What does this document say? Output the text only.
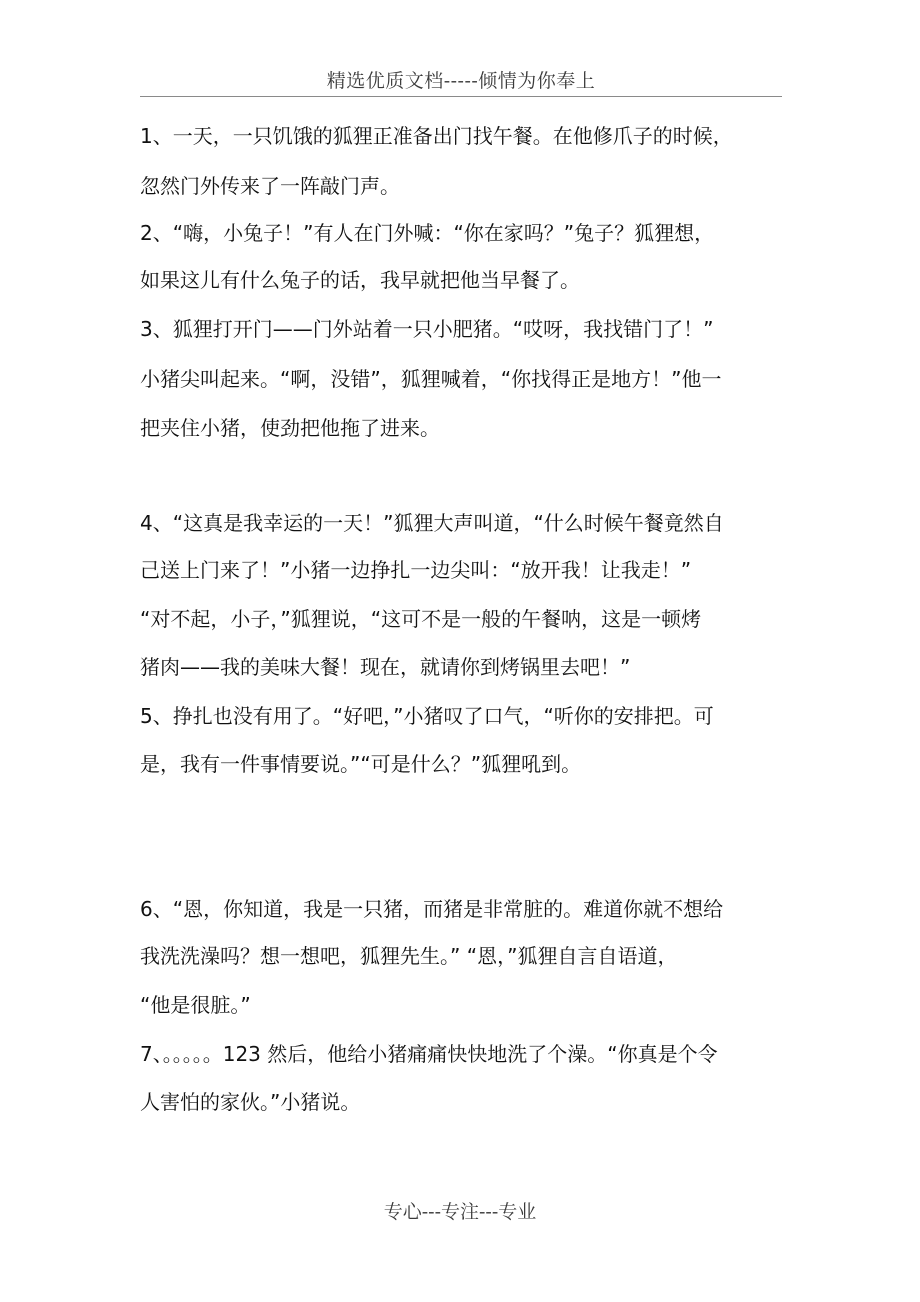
精选优质文档-----倾情为你奉上
1、一天，一只饥饿的狐狸正准备出门找午餐。在他修爪子的时候，
忽然门外传来了一阵敲门声。
2、“嗨，小兔子！”有人在门外喊：“你在家吗？”兔子？狐狸想，
如果这儿有什么兔子的话，我早就把他当早餐了。
3、狐狸打开门——门外站着一只小肥猪。“哎呀，我找错门了！”
小猪尖叫起来。“啊，没错”，狐狸喊着，“你找得正是地方！”他一
把夹住小猪，使劲把他拖了进来。
4、“这真是我幸运的一天！”狐狸大声叫道，“什么时候午餐竟然自
己送上门来了！”小猪一边挣扎一边尖叫：“放开我！让我走！”
“对不起，小子，”狐狸说，“这可不是一般的午餐呐，这是一顿烤
猪肉——我的美味大餐！现在，就请你到烤锅里去吧！”
5、挣扎也没有用了。“好吧，”小猪叹了口气，“听你的安排把。可
是，我有一件事情要说。”“可是什么？”狐狸吼到。
6、“恩，你知道，我是一只猪，而猪是非常脏的。难道你就不想给
我洗洗澡吗？想一想吧，狐狸先生。” “恩，”狐狸自言自语道，
“他是很脏。”
7、。。。。。123 然后，他给小猪痛痛快快地洗了个澡。“你真是个令
人害怕的家伙。”小猪说。
专心---专注---专业
